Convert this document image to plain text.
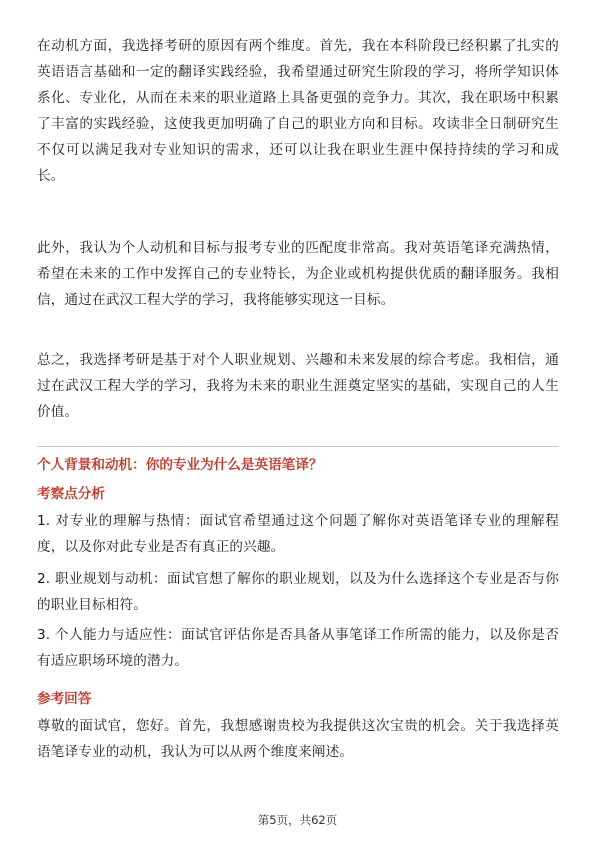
在动机方面，我选择考研的原因有两个维度。首先，我在本科阶段已经积累了扎实的英语语言基础和一定的翻译实践经验，我希望通过研究生阶段的学习，将所学知识体系化、专业化，从而在未来的职业道路上具备更强的竞争力。其次，我在职场中积累了丰富的实践经验，这使我更加明确了自己的职业方向和目标。攻读非全日制研究生不仅可以满足我对专业知识的需求，还可以让我在职业生涯中保持持续的学习和成长。

此外，我认为个人动机和目标与报考专业的匹配度非常高。我对英语笔译充满热情，希望在未来的工作中发挥自己的专业特长，为企业或机构提供优质的翻译服务。我相信，通过在武汉工程大学的学习，我将能够实现这一目标。

总之，我选择考研是基于对个人职业规划、兴趣和未来发展的综合考虑。我相信，通过在武汉工程大学的学习，我将为未来的职业生涯奠定坚实的基础，实现自己的人生价值。

个人背景和动机：你的专业为什么是英语笔译？
考察点分析

1. 对专业的理解与热情：面试官希望通过这个问题了解你对英语笔译专业的理解程度，以及你对此专业是否有真正的兴趣。

2. 职业规划与动机：面试官想了解你的职业规划，以及为什么选择这个专业是否与你的职业目标相符。

3. 个人能力与适应性：面试官评估你是否具备从事笔译工作所需的能力，以及你是否有适应职场环境的潜力。

参考回答

尊敬的面试官，您好。首先，我想感谢贵校为我提供这次宝贵的机会。关于我选择英语笔译专业的动机，我认为可以从两个维度来阐述。

第5页，共62页
